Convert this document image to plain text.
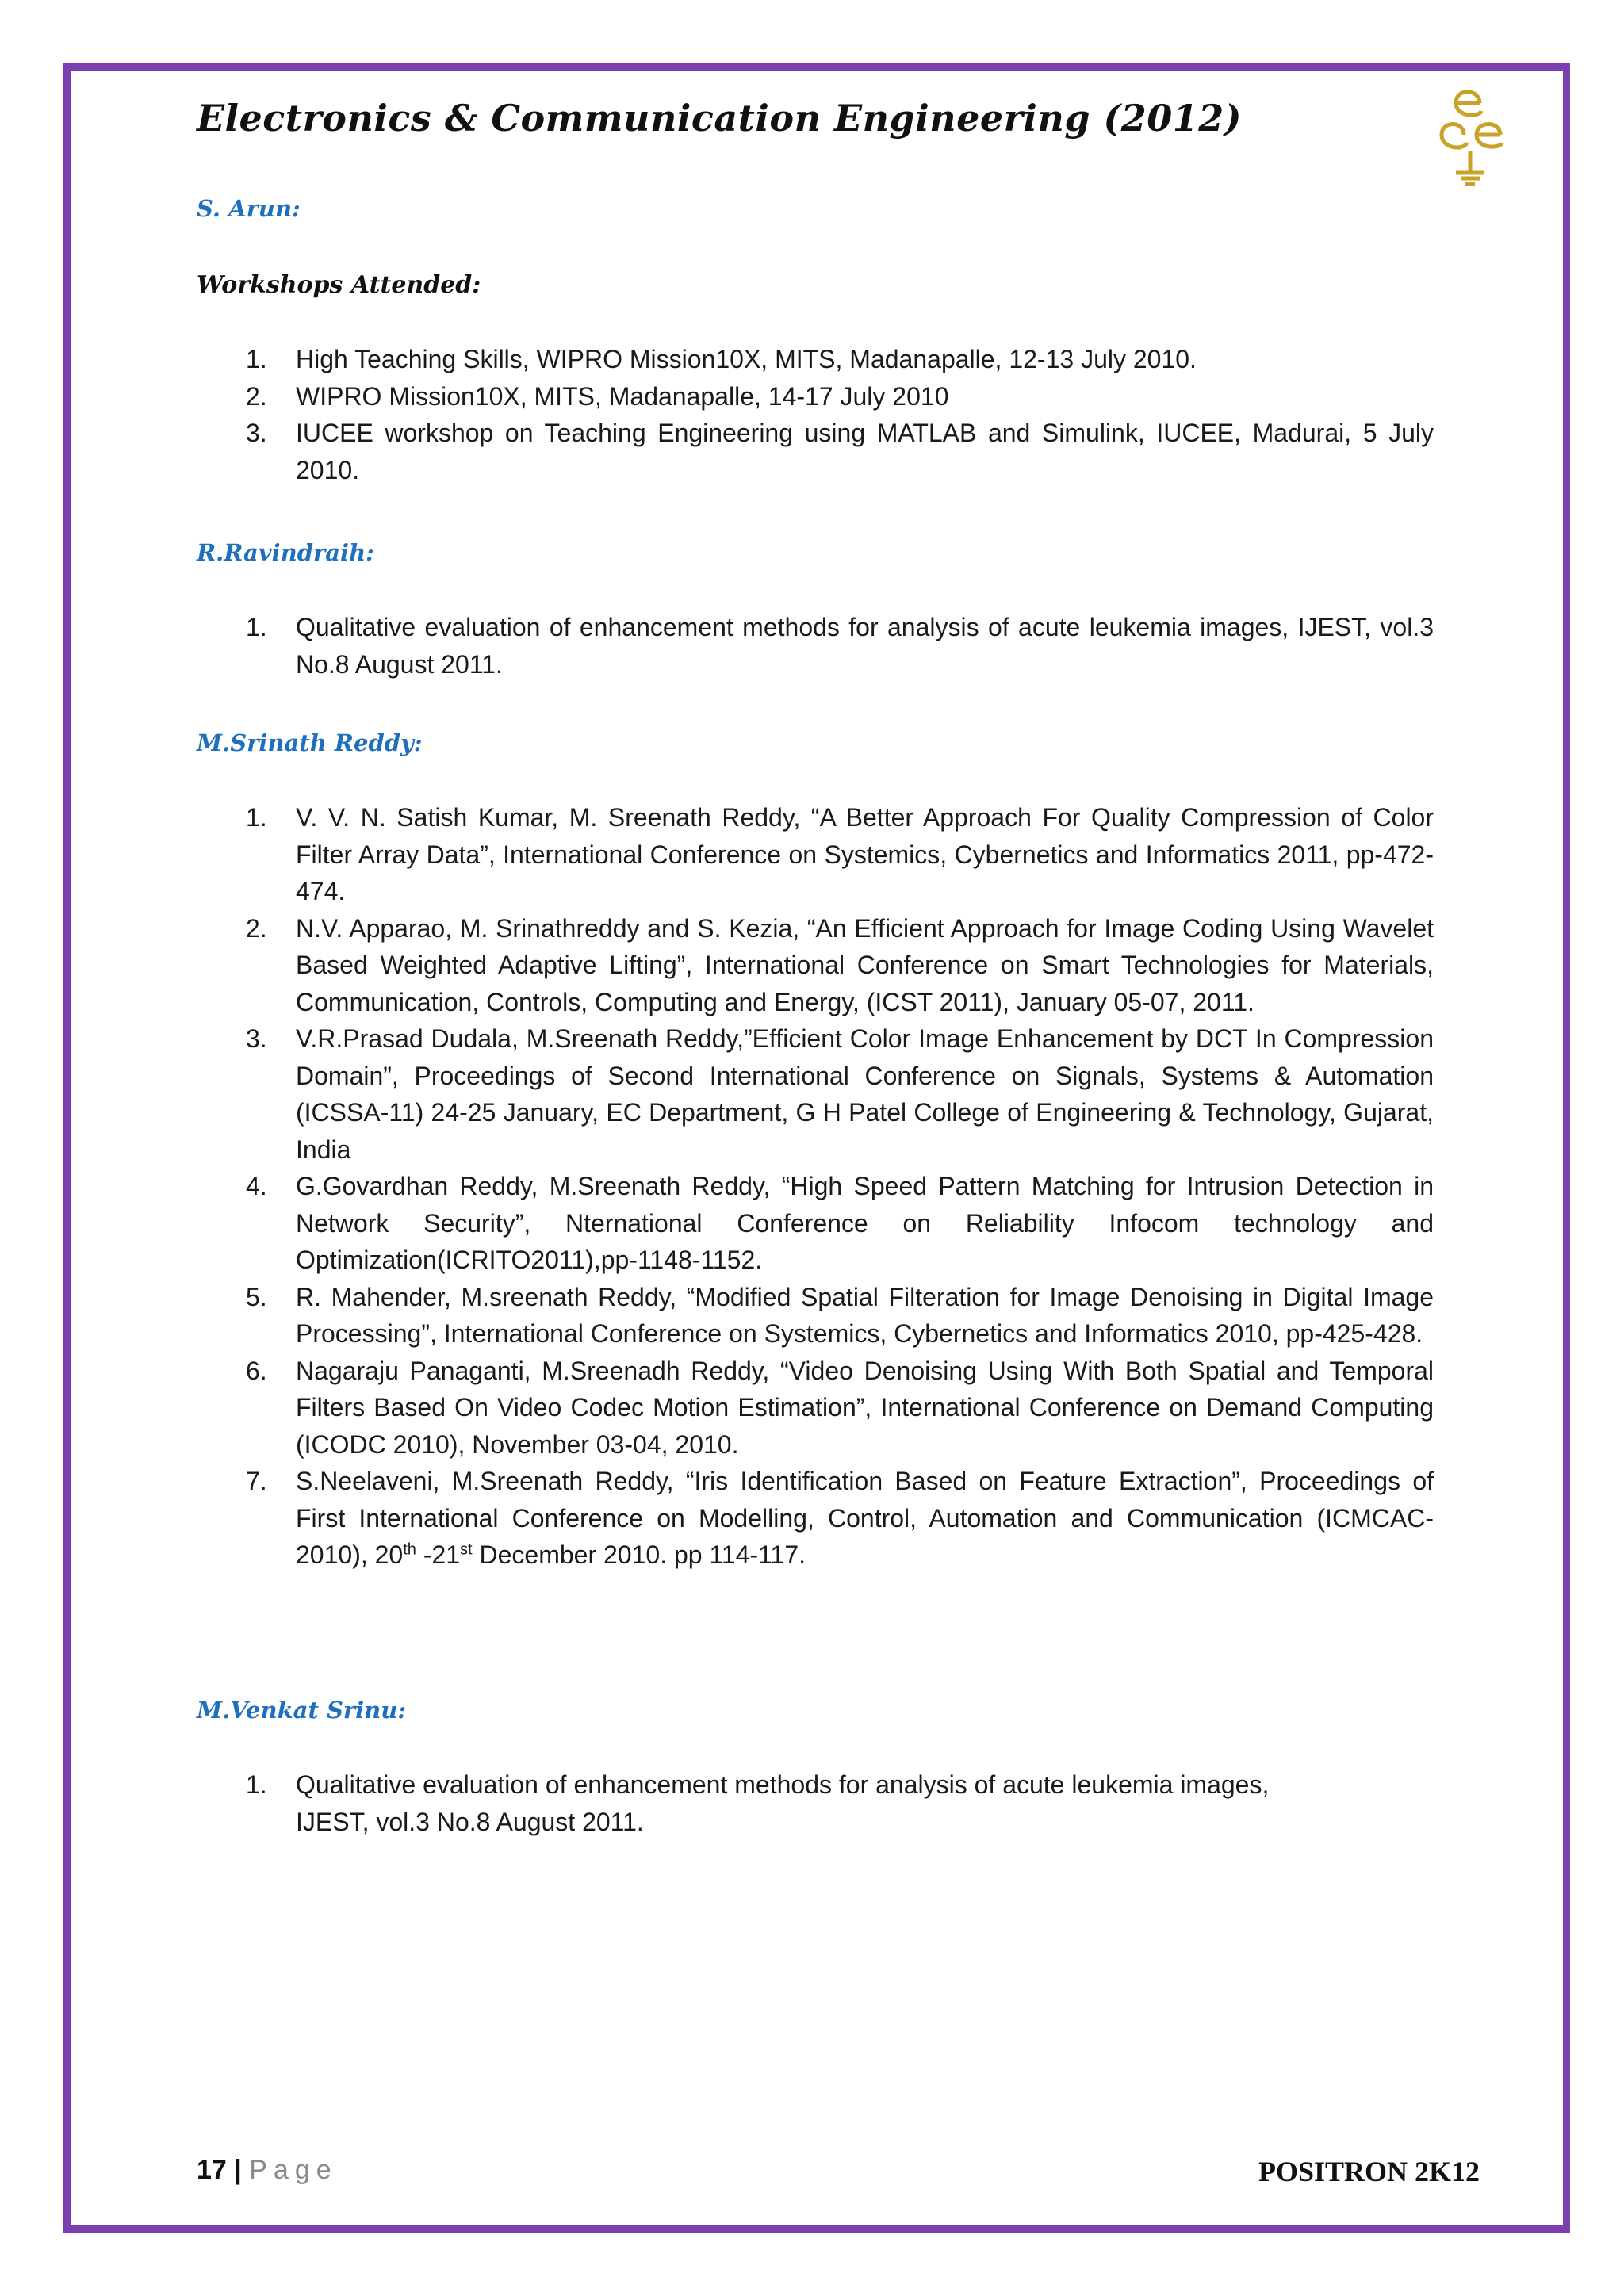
Electronics & Communication Engineering (2012)

S. Arun:

Workshops Attended:

1. High Teaching Skills, WIPRO Mission10X, MITS, Madanapalle, 12-13 July 2010.
2. WIPRO Mission10X, MITS, Madanapalle, 14-17 July 2010
3. IUCEE workshop on Teaching Engineering using MATLAB and Simulink, IUCEE, Madurai, 5 July 2010.

R.Ravindraih:

1. Qualitative evaluation of enhancement methods for analysis of acute leukemia images, IJEST, vol.3 No.8 August 2011.

M.Srinath Reddy:

1. V. V. N. Satish Kumar, M. Sreenath Reddy, “A Better Approach For Quality Compression of Color Filter Array Data”, International Conference on Systemics, Cybernetics and Informatics 2011, pp-472-474.
2. N.V. Apparao, M. Srinathreddy and S. Kezia, “An Efficient Approach for Image Coding Using Wavelet Based Weighted Adaptive Lifting”, International Conference on Smart Technologies for Materials, Communication, Controls, Computing and Energy, (ICST 2011), January 05-07, 2011.
3. V.R.Prasad Dudala, M.Sreenath Reddy,”Efficient Color Image Enhancement by DCT In Compression Domain”, Proceedings of Second International Conference on Signals, Systems & Automation (ICSSA-11) 24-25 January, EC Department, G H Patel College of Engineering & Technology, Gujarat, India
4. G.Govardhan Reddy, M.Sreenath Reddy, “High Speed Pattern Matching for Intrusion Detection in Network Security”, Nternational Conference on Reliability Infocom technology and Optimization(ICRITO2011),pp-1148-1152.
5. R. Mahender, M.sreenath Reddy, “Modified Spatial Filteration for Image Denoising in Digital Image Processing”, International Conference on Systemics, Cybernetics and Informatics 2010, pp-425-428.
6. Nagaraju Panaganti, M.Sreenadh Reddy, “Video Denoising Using With Both Spatial and Temporal Filters Based On Video Codec Motion Estimation”, International Conference on Demand Computing (ICODC 2010), November 03-04, 2010.
7. S.Neelaveni, M.Sreenath Reddy, “Iris Identification Based on Feature Extraction”, Proceedings of First International Conference on Modelling, Control, Automation and Communication (ICMCAC-2010), 20th -21st December 2010. pp 114-117.

M.Venkat Srinu:

1. Qualitative evaluation of enhancement methods for analysis of acute leukemia images, IJEST, vol.3 No.8 August 2011.
17 | Page	POSITRON 2K12
